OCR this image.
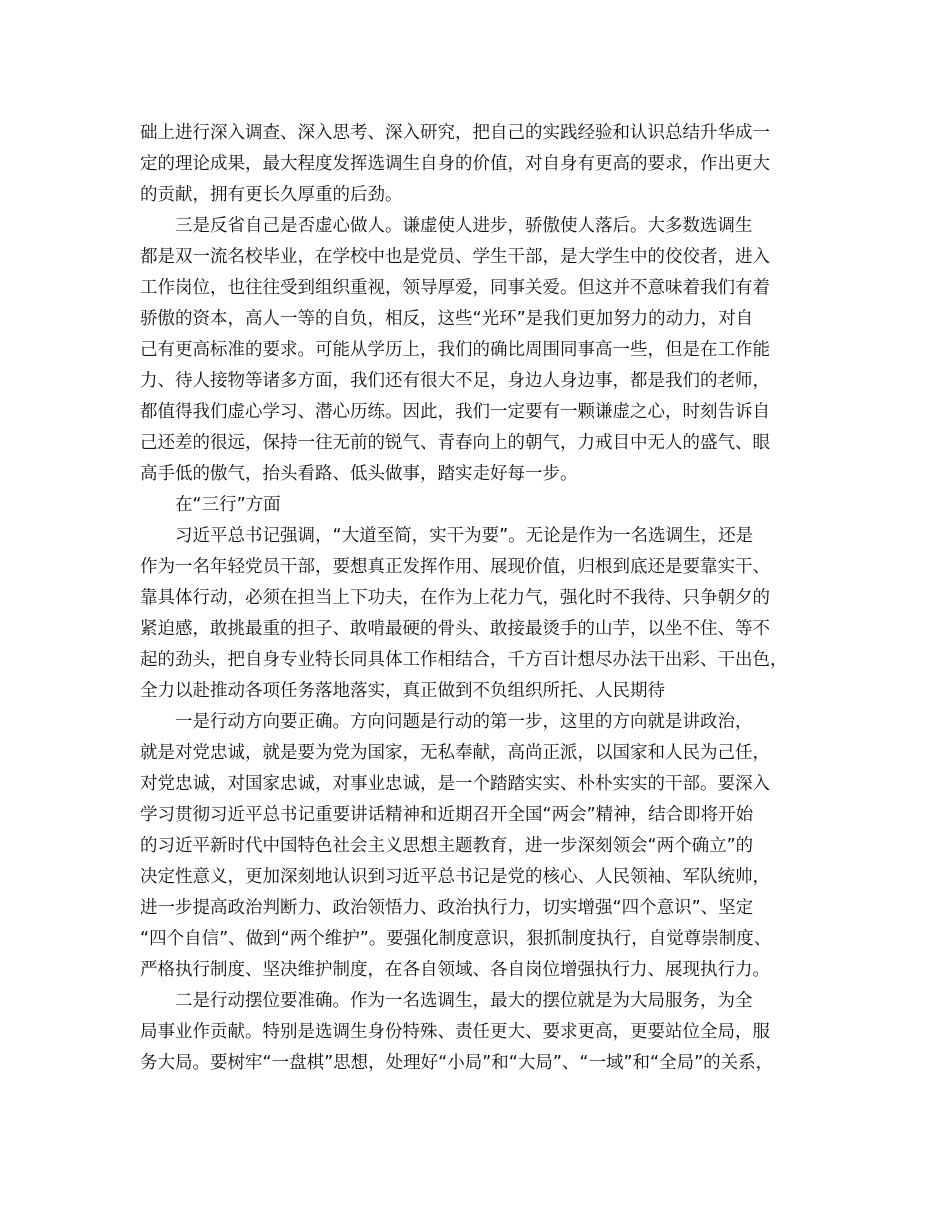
础上进行深入调查、深入思考、深入研究，把自己的实践经验和认识总结升华成一
定的理论成果，最大程度发挥选调生自身的价值，对自身有更高的要求，作出更大
的贡献，拥有更长久厚重的后劲。
三是反省自己是否虚心做人。谦虚使人进步，骄傲使人落后。大多数选调生
都是双一流名校毕业，在学校中也是党员、学生干部，是大学生中的佼佼者，进入
工作岗位，也往往受到组织重视，领导厚爱，同事关爱。但这并不意味着我们有着
骄傲的资本，高人一等的自负，相反，这些“光环”是我们更加努力的动力，对自
己有更高标准的要求。可能从学历上，我们的确比周围同事高一些，但是在工作能
力、待人接物等诸多方面，我们还有很大不足，身边人身边事，都是我们的老师，
都值得我们虚心学习、潜心历练。因此，我们一定要有一颗谦虚之心，时刻告诉自
己还差的很远，保持一往无前的锐气、青春向上的朝气，力戒目中无人的盛气、眼
高手低的傲气，抬头看路、低头做事，踏实走好每一步。
在“三行”方面
习近平总书记强调，“大道至简，实干为要”。无论是作为一名选调生，还是
作为一名年轻党员干部，要想真正发挥作用、展现价值，归根到底还是要靠实干、
靠具体行动，必须在担当上下功夫，在作为上花力气，强化时不我待、只争朝夕的
紧迫感，敢挑最重的担子、敢啃最硬的骨头、敢接最烫手的山芋，以坐不住、等不
起的劲头，把自身专业特长同具体工作相结合，千方百计想尽办法干出彩、干出色，
全力以赴推动各项任务落地落实，真正做到不负组织所托、人民期待
一是行动方向要正确。方向问题是行动的第一步，这里的方向就是讲政治，
就是对党忠诚，就是要为党为国家，无私奉献，高尚正派，以国家和人民为己任，
对党忠诚，对国家忠诚，对事业忠诚，是一个踏踏实实、朴朴实实的干部。要深入
学习贯彻习近平总书记重要讲话精神和近期召开全国“两会”精神，结合即将开始
的习近平新时代中国特色社会主义思想主题教育，进一步深刻领会“两个确立”的
决定性意义，更加深刻地认识到习近平总书记是党的核心、人民领袖、军队统帅，
进一步提高政治判断力、政治领悟力、政治执行力，切实增强“四个意识”、坚定
“四个自信”、做到“两个维护”。要强化制度意识，狠抓制度执行，自觉尊崇制度、
严格执行制度、坚决维护制度，在各自领域、各自岗位增强执行力、展现执行力。
二是行动摆位要准确。作为一名选调生，最大的摆位就是为大局服务，为全
局事业作贡献。特别是选调生身份特殊、责任更大、要求更高，更要站位全局，服
务大局。要树牢“一盘棋”思想，处理好“小局”和“大局”、“一域”和“全局”的关系，
